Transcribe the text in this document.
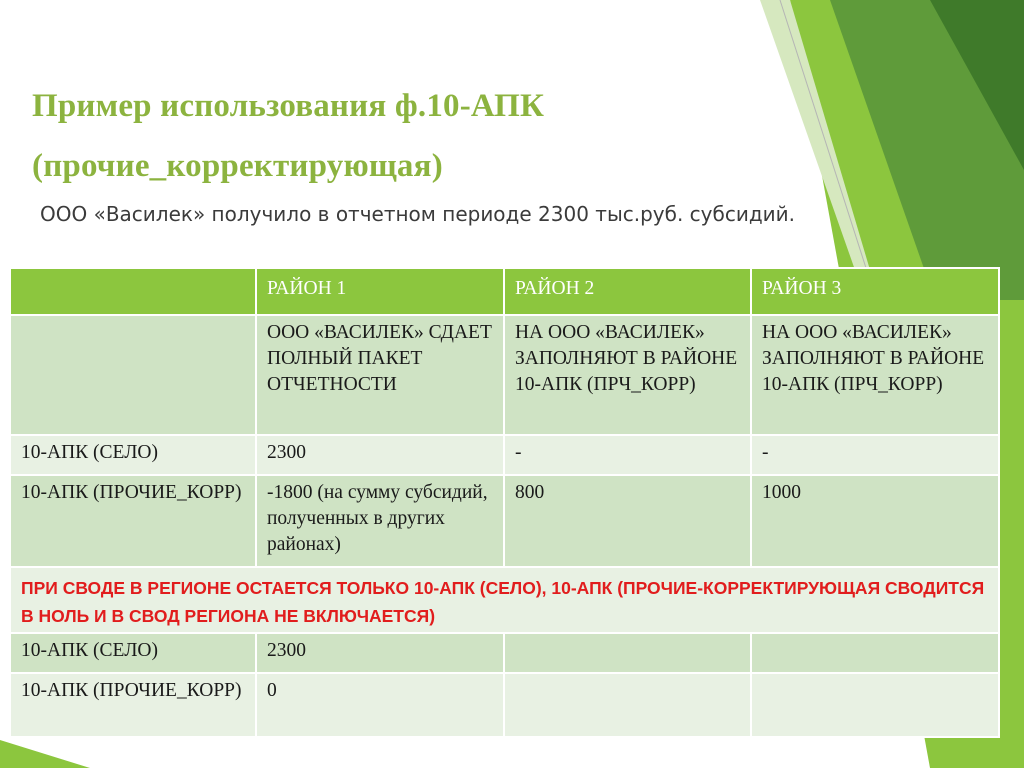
Пример использования ф.10-АПК
(прочие_корректирующая)

ООО «Василек» получило в отчетном периоде 2300 тыс.руб. субсидий.

	РАЙОН 1	РАЙОН 2	РАЙОН 3
	ООО «ВАСИЛЕК» СДАЕТ ПОЛНЫЙ ПАКЕТ ОТЧЕТНОСТИ	НА ООО «ВАСИЛЕК» ЗАПОЛНЯЮТ В РАЙОНЕ 10-АПК (ПРЧ_КОРР)	НА ООО «ВАСИЛЕК» ЗАПОЛНЯЮТ В РАЙОНЕ 10-АПК (ПРЧ_КОРР)
10-АПК (СЕЛО)	2300	-	-
10-АПК (ПРОЧИЕ_КОРР)	-1800 (на сумму субсидий, полученных в других районах)	800	1000
ПРИ СВОДЕ В РЕГИОНЕ ОСТАЕТСЯ ТОЛЬКО 10-АПК (СЕЛО), 10-АПК (ПРОЧИЕ-КОРРЕКТИРУЮЩАЯ СВОДИТСЯ В НОЛЬ И В СВОД РЕГИОНА НЕ ВКЛЮЧАЕТСЯ)			
10-АПК (СЕЛО)	2300		
10-АПК (ПРОЧИЕ_КОРР)	0		
